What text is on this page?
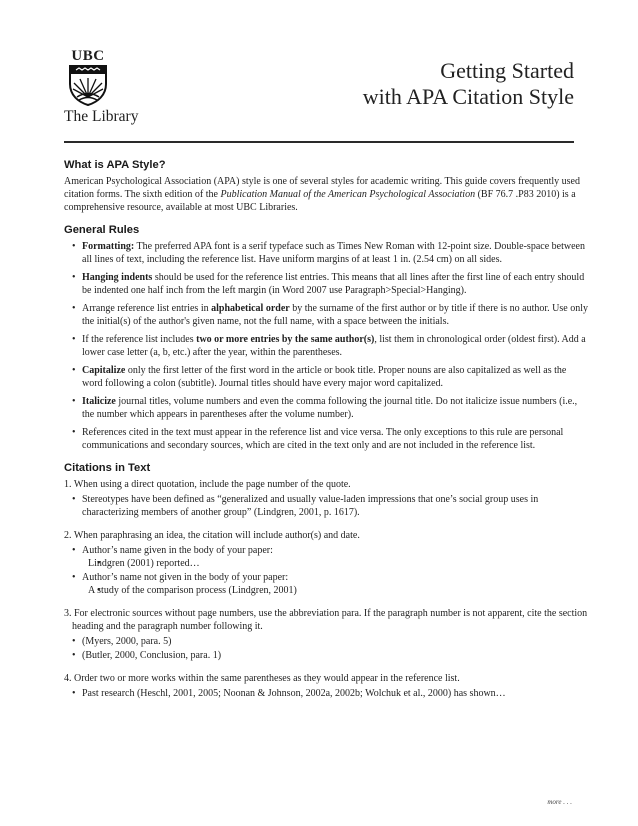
UBC
The Library
Getting Started
with APA Citation Style
What is APA Style?

American Psychological Association (APA) style is one of several styles for academic writing. This guide covers frequently used citation forms. The sixth edition of the Publication Manual of the American Psychological Association (BF 76.7 .P83 2010) is a comprehensive resource, available at most UBC Libraries.

General Rules
• Formatting: The preferred APA font is a serif typeface such as Times New Roman with 12-point size. Double-space between all lines of text, including the reference list. Have uniform margins of at least 1 in. (2.54 cm) on all sides.
• Hanging indents should be used for the reference list entries. This means that all lines after the first line of each entry should be indented one half inch from the left margin (in Word 2007 use Paragraph>Special>Hanging).
• Arrange reference list entries in alphabetical order by the surname of the first author or by title if there is no author. Use only the initial(s) of the author's given name, not the full name, with a space between the initials.
• If the reference list includes two or more entries by the same author(s), list them in chronological order (oldest first). Add a lower case letter (a, b, etc.) after the year, within the parentheses.
• Capitalize only the first letter of the first word in the article or book title. Proper nouns are also capitalized as well as the word following a colon (subtitle). Journal titles should have every major word capitalized.
• Italicize journal titles, volume numbers and even the comma following the journal title. Do not italicize issue numbers (i.e., the number which appears in parentheses after the volume number).
• References cited in the text must appear in the reference list and vice versa. The only exceptions to this rule are personal communications and secondary sources, which are cited in the text only and are not included in the reference list.
Citations in Text

1. When using a direct quotation, include the page number of the quote.

• Stereotypes have been defined as “generalized and usually value-laden impressions that one’s social group uses in characterizing members of another group” (Lindgren, 2001, p. 1617).

2. When paraphrasing an idea, the citation will include author(s) and date.

• Author’s name given in the body of your paper:
• Lindgren (2001) reported…
• Author’s name not given in the body of your paper:
• A study of the comparison process (Lindgren, 2001)

3. For electronic sources without page numbers, use the abbreviation para. If the paragraph number is not apparent, cite the section heading and the paragraph number following it.

• (Myers, 2000, para. 5)
• (Butler, 2000, Conclusion, para. 1)

4. Order two or more works within the same parentheses as they would appear in the reference list.

• Past research (Heschl, 2001, 2005; Noonan & Johnson, 2002a, 2002b; Wolchuk et al., 2000) has shown…
more . . .
